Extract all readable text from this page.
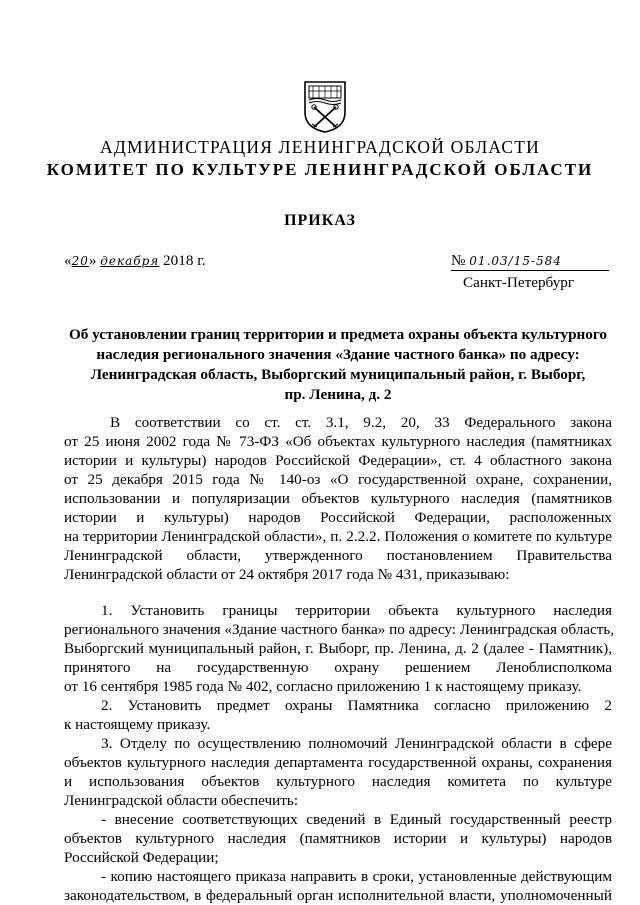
АДМИНИСТРАЦИЯ ЛЕНИНГРАДСКОЙ ОБЛАСТИ
КОМИТЕТ ПО КУЛЬТУРЕ ЛЕНИНГРАДСКОЙ ОБЛАСТИ
ПРИКАЗ
«20» декабря 2018 г.	№ 01.03/15-584
Санкт-Петербург
Об установлении границ территории и предмета охраны объекта культурного
наследия регионального значения «Здание частного банка» по адресу:
Ленинградская область, Выборгский муниципальный район, г. Выборг,
пр. Ленина, д. 2
В соответствии со ст. ст. 3.1, 9.2, 20, 33 Федерального закона
от 25 июня 2002 года № 73-ФЗ «Об объектах культурного наследия (памятниках
истории и культуры) народов Российской Федерации», ст. 4 областного закона
от 25 декабря 2015 года № 140-оз «О государственной охране, сохранении,
использовании и популяризации объектов культурного наследия (памятников
истории и культуры) народов Российской Федерации, расположенных
на территории Ленинградской области», п. 2.2.2. Положения о комитете по культуре
Ленинградской области, утвержденного постановлением Правительства
Ленинградской области от 24 октября 2017 года № 431, приказываю:
1. Установить границы территории объекта культурного наследия
регионального значения «Здание частного банка» по адресу: Ленинградская область,
Выборгский муниципальный район, г. Выборг, пр. Ленина, д. 2 (далее - Памятник),
принятого на государственную охрану решением Леноблисполкома
от 16 сентября 1985 года № 402, согласно приложению 1 к настоящему приказу.
2. Установить предмет охраны Памятника согласно приложению 2
к настоящему приказу.
3. Отделу по осуществлению полномочий Ленинградской области в сфере
объектов культурного наследия департамента государственной охраны, сохранения
и использования объектов культурного наследия комитета по культуре
Ленинградской области обеспечить:
- внесение соответствующих сведений в Единый государственный реестр
объектов культурного наследия (памятников истории и культуры) народов
Российской Федерации;
- копию настоящего приказа направить в сроки, установленные действующим
законодательством, в федеральный орган исполнительной власти, уполномоченный
